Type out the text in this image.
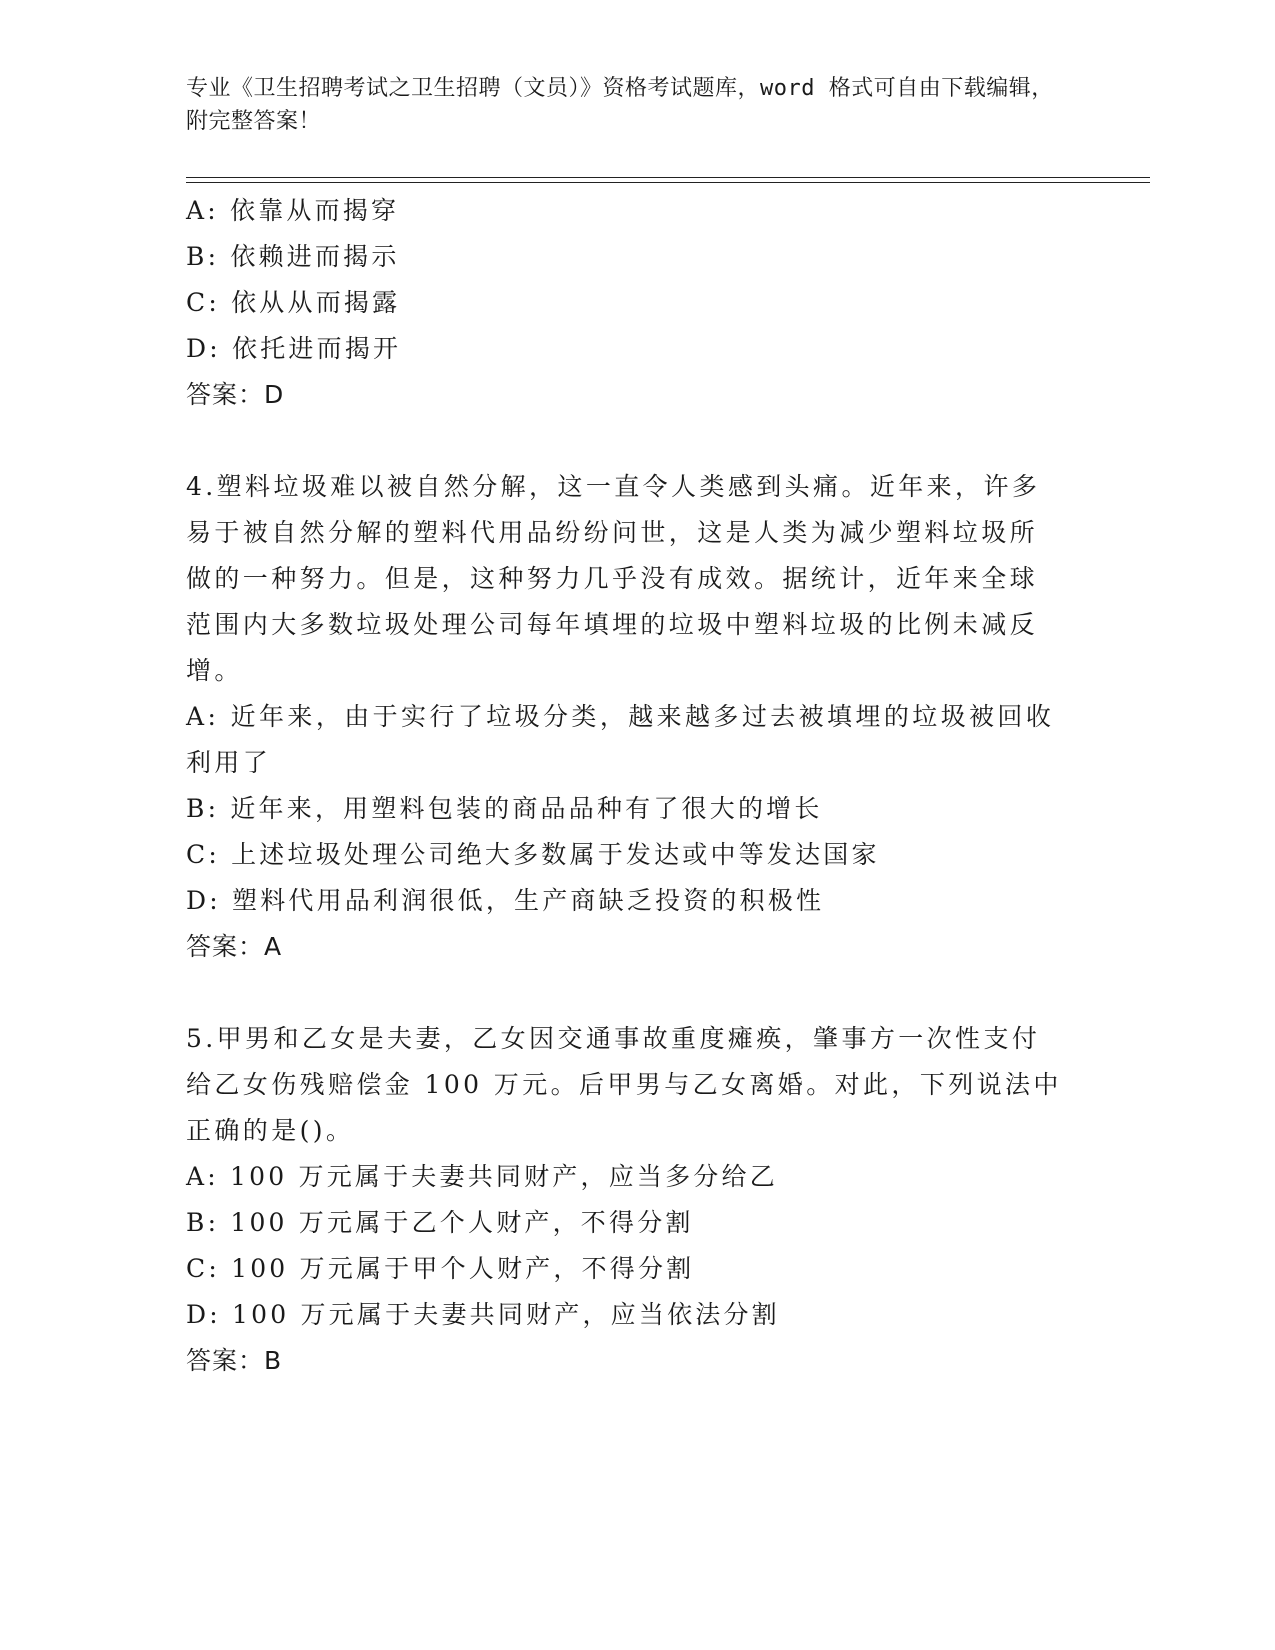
专业《卫生招聘考试之卫生招聘（文员）》资格考试题库，word 格式可自由下载编辑，附完整答案！
A: 依靠从而揭穿
B: 依赖进而揭示
C: 依从从而揭露
D: 依托进而揭开
答案：D
4.塑料垃圾难以被自然分解，这一直令人类感到头痛。近年来，许多易于被自然分解的塑料代用品纷纷问世，这是人类为减少塑料垃圾所做的一种努力。但是，这种努力几乎没有成效。据统计，近年来全球范围内大多数垃圾处理公司每年填埋的垃圾中塑料垃圾的比例未减反增。
A: 近年来，由于实行了垃圾分类，越来越多过去被填埋的垃圾被回收利用了
B: 近年来，用塑料包装的商品品种有了很大的增长
C: 上述垃圾处理公司绝大多数属于发达或中等发达国家
D: 塑料代用品利润很低，生产商缺乏投资的积极性
答案：A
5.甲男和乙女是夫妻，乙女因交通事故重度瘫痪，肇事方一次性支付给乙女伤残赔偿金 100 万元。后甲男与乙女离婚。对此，下列说法中正确的是()。
A: 100 万元属于夫妻共同财产，应当多分给乙
B: 100 万元属于乙个人财产，不得分割
C: 100 万元属于甲个人财产，不得分割
D: 100 万元属于夫妻共同财产，应当依法分割
答案：B
